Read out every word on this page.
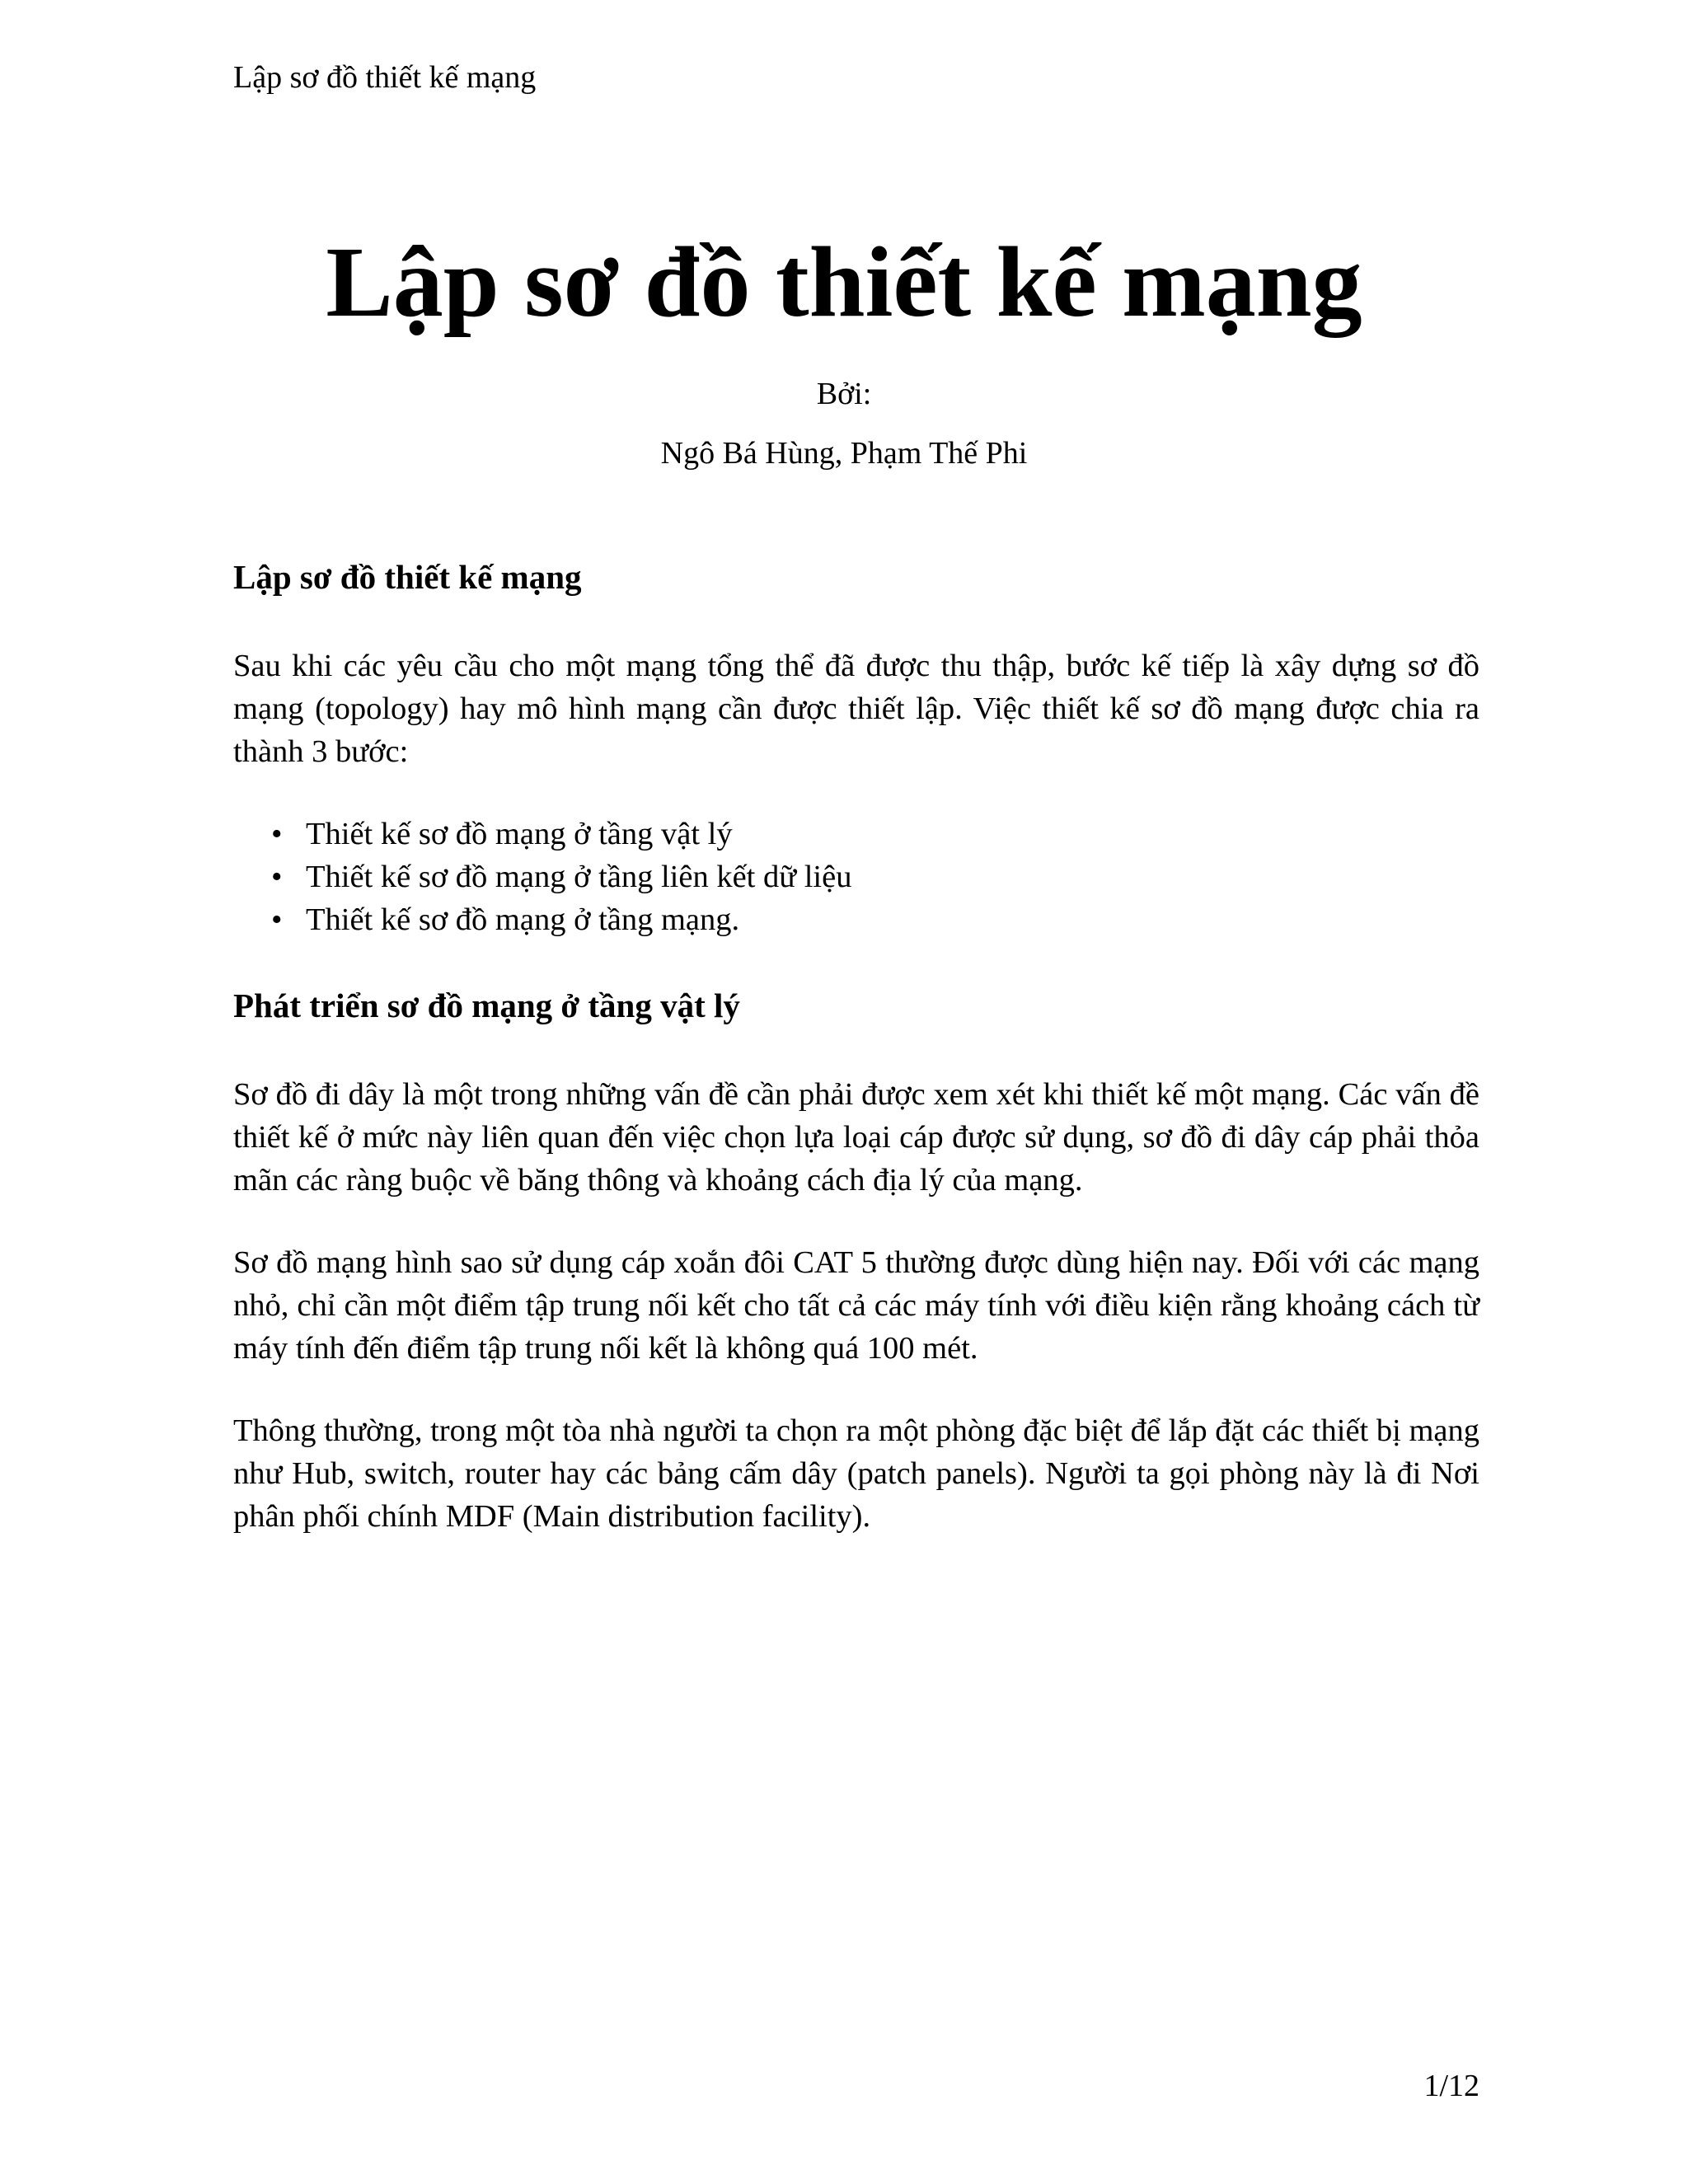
Lập sơ đồ thiết kế mạng
Lập sơ đồ thiết kế mạng
Bởi:
Ngô Bá Hùng, Phạm Thế Phi
Lập sơ đồ thiết kế mạng

Sau khi các yêu cầu cho một mạng tổng thể đã được thu thập, bước kế tiếp là xây dựng sơ đồ mạng (topology) hay mô hình mạng cần được thiết lập. Việc thiết kế sơ đồ mạng được chia ra thành 3 bước:

• Thiết kế sơ đồ mạng ở tầng vật lý
• Thiết kế sơ đồ mạng ở tầng liên kết dữ liệu
• Thiết kế sơ đồ mạng ở tầng mạng.
Phát triển sơ đồ mạng ở tầng vật lý

Sơ đồ đi dây là một trong những vấn đề cần phải được xem xét khi thiết kế một mạng. Các vấn đề thiết kế ở mức này liên quan đến việc chọn lựa loại cáp được sử dụng, sơ đồ đi dây cáp phải thỏa mãn các ràng buộc về băng thông và khoảng cách địa lý của mạng.

Sơ đồ mạng hình sao sử dụng cáp xoắn đôi CAT 5 thường được dùng hiện nay. Đối với các mạng nhỏ, chỉ cần một điểm tập trung nối kết cho tất cả các máy tính với điều kiện rằng khoảng cách từ máy tính đến điểm tập trung nối kết là không quá 100 mét.

Thông thường, trong một tòa nhà người ta chọn ra một phòng đặc biệt để lắp đặt các thiết bị mạng như Hub, switch, router hay các bảng cấm dây (patch panels). Người ta gọi phòng này là đi Nơi phân phối chính MDF (Main distribution facility).

1/12
